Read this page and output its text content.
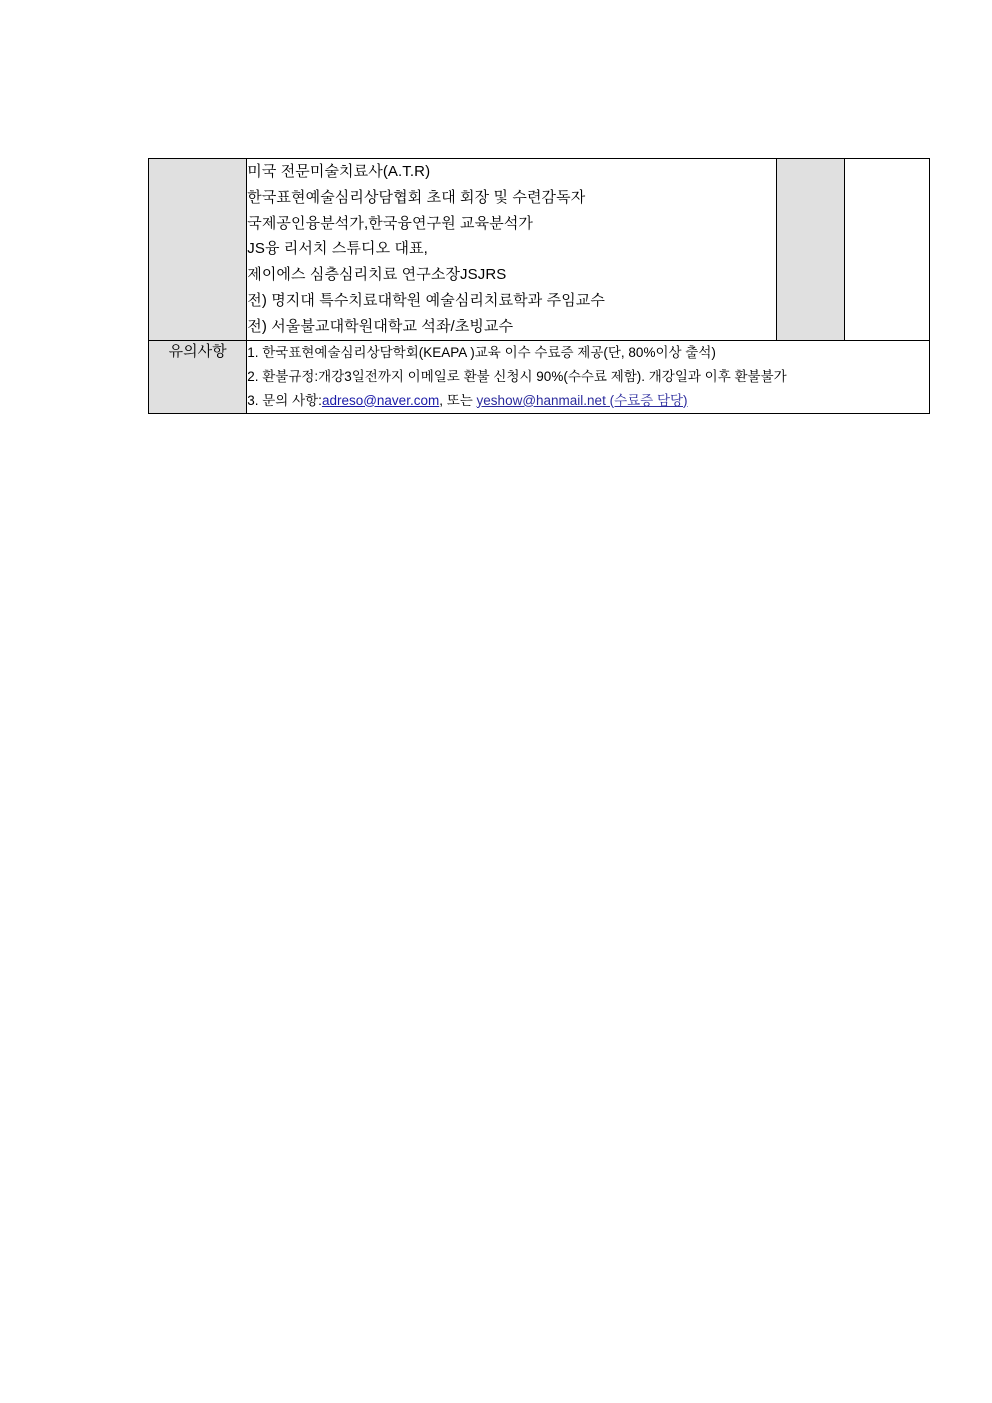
미국 전문미술치료사(A.T.R)
한국표현예술심리상담협회 초대 회장 및 수련감독자
국제공인융분석가,한국융연구원 교육분석가
JS융 리서치 스튜디오 대표,
제이에스 심층심리치료 연구소장JSJRS
전) 명지대 특수치료대학원 예술심리치료학과 주임교수
전) 서울불교대학원대학교 석좌/초빙교수

유의사항	1. 한국표현예술심리상담학회(KEAPA )교육 이수 수료증 제공(단, 80%이상 출석)
2. 환불규정:개강3일전까지 이메일로 환불 신청시 90%(수수료 제함). 개강일과 이후 환불불가
3. 문의 사항:adreso@naver.com, 또는 yeshow@hanmail.net (수료증 담당)		
